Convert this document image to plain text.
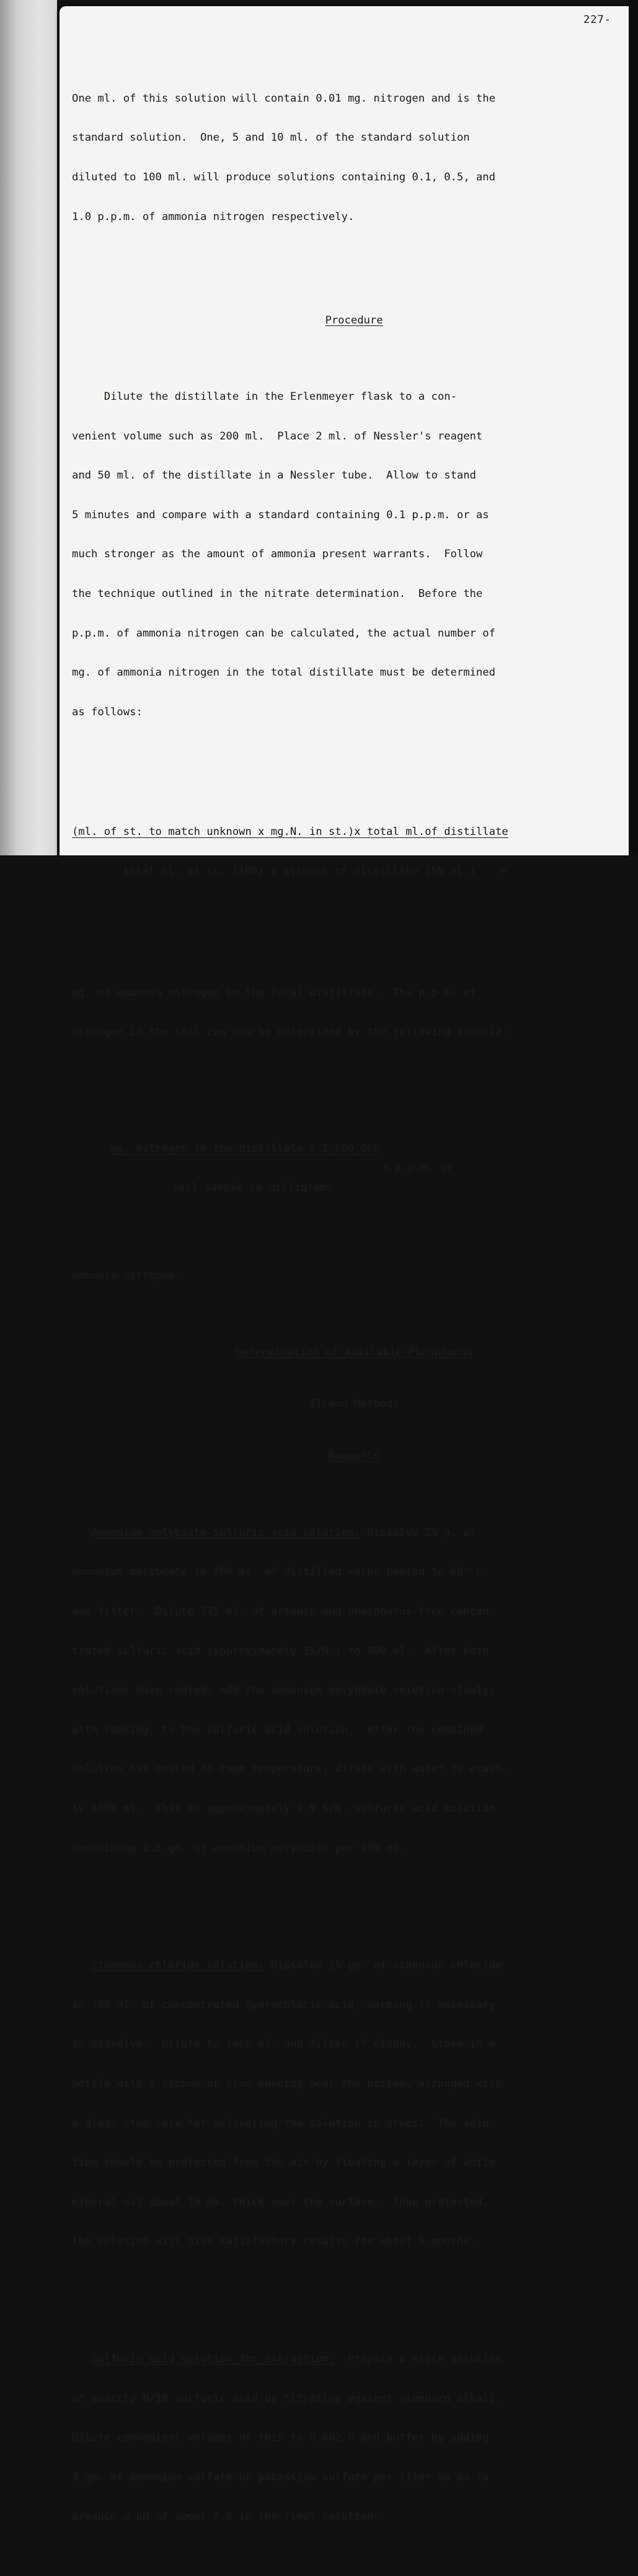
227-

One ml. of this solution will contain 0.01 mg. nitrogen and is the

standard solution.  One, 5 and 10 ml. of the standard solution

diluted to 100 ml. will produce solutions containing 0.1, 0.5, and

1.0 p.p.m. of ammonia nitrogen respectively.

Procedure

Dilute the distillate in the Erlenmeyer flask to a con-

venient volume such as 200 ml.  Place 2 ml. of Nessler's reagent

and 50 ml. of the distillate in a Nessler tube.  Allow to stand

5 minutes and compare with a standard containing 0.1 p.p.m. or as

much stronger as the amount of ammonia present warrants.  Follow

the technique outlined in the nitrate determination.  Before the

p.p.m. of ammonia nitrogen can be calculated, the actual number of

mg. of ammonia nitrogen in the total distillate must be determined

as follows:

(ml. of st. to match unknown x mg.N. in st.)x total ml.of distillate

total ml. of st. (100) x aliquot of distillate (50 ml.) =

mg. of ammonia nitrogen in the total distillate.  The p.p.m. of

nitrogen in the soil can now be determined by the following formula:

mg. nitrogen in the distillate x 1,000,000

soil sample in milligrams

= p.p.m. of

ammonia nitrogen.

Determination of Available Phosphorus

(Truog Method)

Reagents

Ammonium molybdate-sulfuric acid solution: Dissolve 25 g. of

ammonium molybdate in 200 ml. of distilled water heated to 60° C.

and filter.  Dilute 275 ml. of arsenic and phosphorus-free concen-

trated sulfuric acid (approximately 35/N.) to 800 ml.  After both

solutions have cooled, add the ammonium molybdate solution slowly,

with shaking, to the sulfuric acid solution.  After the combined

solution has cooled to room temperature, dilute with water to exact-

ly 1000 ml.  This is approximately a 9.6/N. sulfuric acid solution

containing 2.5 gm. of ammonium molybdate per 100 ml.

Stannous chloride solution: Dissolve 25 gm. of stannous chloride

in 100 ml. of concentrated hydrochloric acid, warming if necessary

to dissolve.  Dilute to 1000 ml. and filter if cloudy.  Store in a

bottle with a siphon or side opening near the bottom, arranged with

a glass stop cock for delivering the solution in drops.  The solu-

tion should be protected from the air by floating a layer of white

mineral oil about 10 mm. thick over the surface.  Thus protected,

the solution will give satisfactory results for about 6 months.

Sulfuric acid solution for extraction:  Prepare a stock solution

of exactly N/10 sulfuric acid by titrating against standard alkali.

Dilute convenient volumes of this to 0.002 N and buffer by adding

3 gm. of ammonium sulfate or potassium sulfate per liter so as to

produce a pH of about 3.0 in the final solution.
